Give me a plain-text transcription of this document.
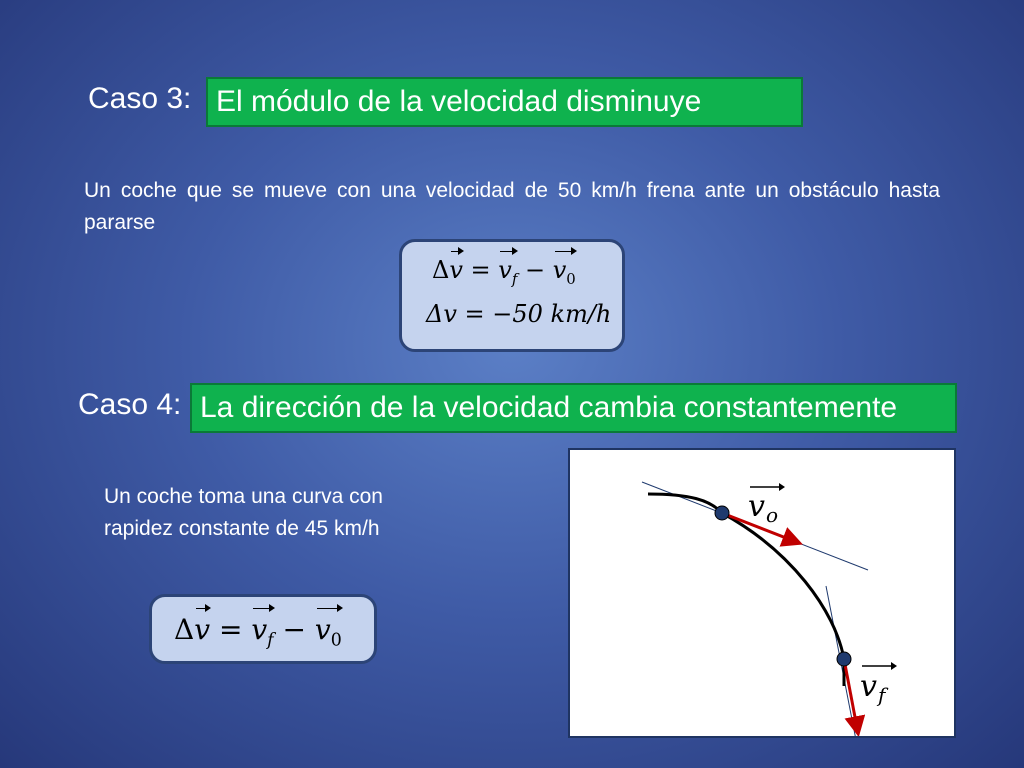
Caso 3: El módulo de la velocidad disminuye
Un coche que se mueve con una velocidad de 50 km/h frena ante un obstáculo hasta pararse
$\Delta v = v_f - v_0$
Δv = −50 km/h
Caso 4: La dirección de la velocidad cambia constantemente
Un coche toma una curva con
rapidez constante de 45 km/h
$\Delta v = v_f - v_0$
v o
v f
